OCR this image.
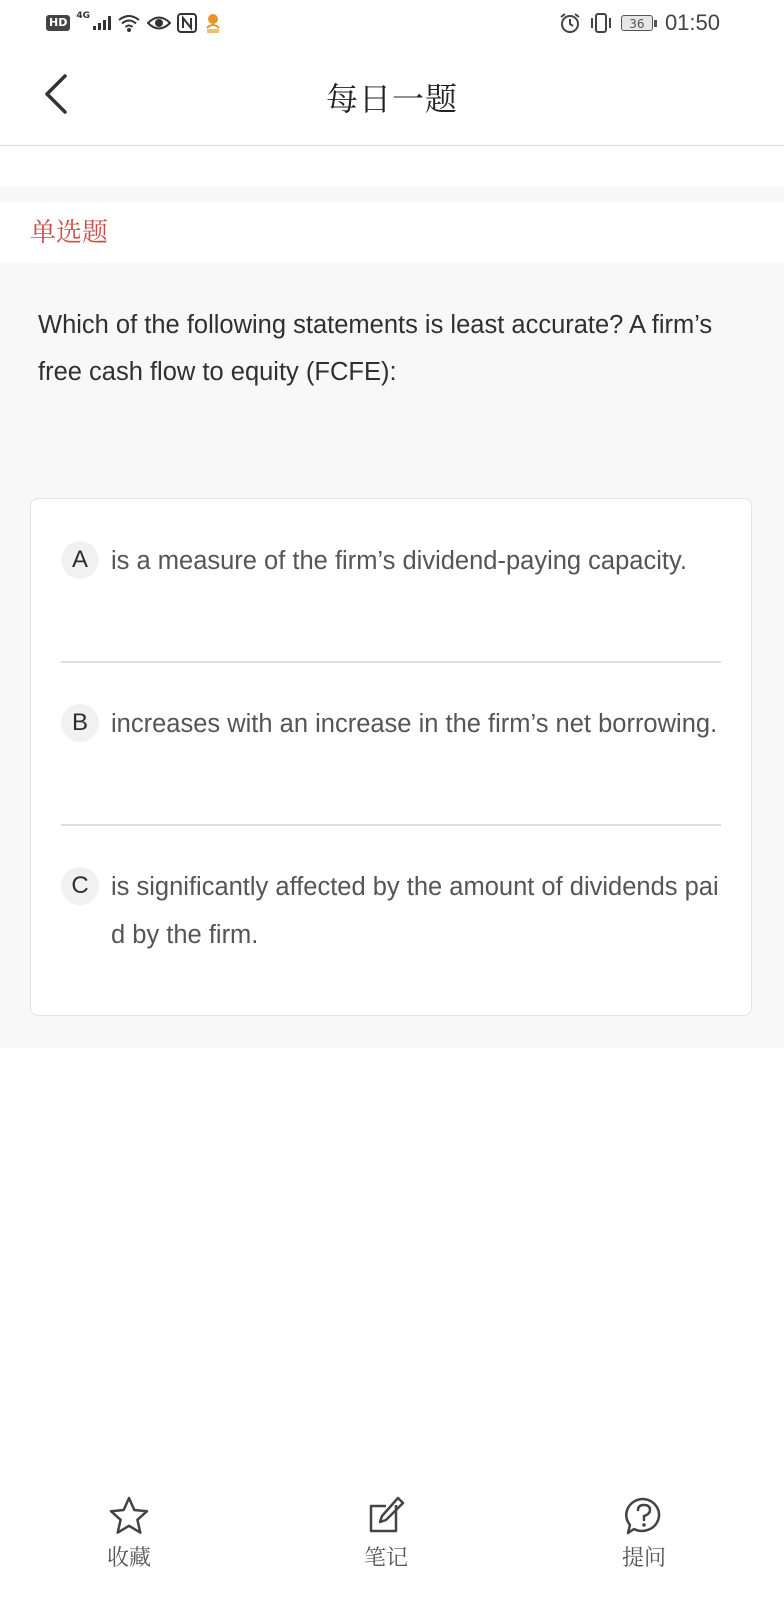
HD	4G
36 01:50
每日一题
单选题
Which of the following statements is least accurate? A firm’s free cash flow to equity (FCFE):
A is a measure of the firm’s dividend-paying capacity.
B increases with an increase in the firm’s net borrowing.
C is significantly affected by the amount of dividends paid by the firm.
收藏	笔记	提问
